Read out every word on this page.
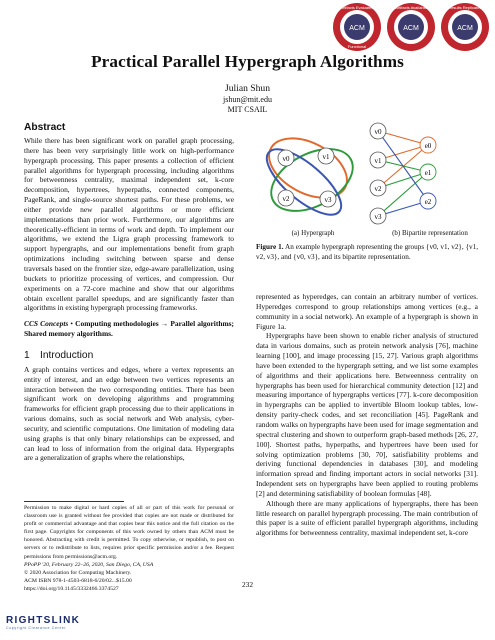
ACM
Artifacts Evaluated
Functional
ACM
Artifacts Available
ACM
Results Replicated
Practical Parallel Hypergraph Algorithms
Julian Shun
jshun@mit.edu
MIT CSAIL
Abstract

While there has been significant work on parallel graph processing, there has been very surprisingly little work on high-performance hypergraph processing. This paper presents a collection of efficient parallel algorithms for hypergraph processing, including algorithms for betweenness centrality, maximal independent set, k-core decomposition, hypertrees, hyperpaths, connected components, PageRank, and single-source shortest paths. For these problems, we either provide new parallel algorithms or more efficient implementations than prior work. Furthermore, our algorithms are theoretically-efficient in terms of work and depth. To implement our algorithms, we extend the Ligra graph processing framework to support hypergraphs, and our implementations benefit from graph optimizations including switching between sparse and dense traversals based on the frontier size, edge-aware parallelization, using buckets to prioritize processing of vertices, and compression. Our experiments on a 72-core machine and show that our algorithms obtain excellent parallel speedups, and are significantly faster than algorithms in existing hypergraph processing frameworks.

CCS Concepts • Computing methodologies → Parallel algorithms; Shared memory algorithms.

1 Introduction

A graph contains vertices and edges, where a vertex represents an entity of interest, and an edge between two vertices represents an interaction between the two corresponding entities. There has been significant work on developing algorithms and programming frameworks for efficient graph processing due to their applications in various domains, such as social network and Web analysis, cyber-security, and scientific computations. One limitation of modeling data using graphs is that only binary relationships can be expressed, and can lead to loss of information from the original data. Hypergraphs are a generalization of graphs where the relationships,

Permission to make digital or hard copies of all or part of this work for personal or classroom use is granted without fee provided that copies are not made or distributed for profit or commercial advantage and that copies bear this notice and the full citation on the first page. Copyrights for components of this work owned by others than ACM must be honored. Abstracting with credit is permitted. To copy otherwise, or republish, to post on servers or to redistribute to lists, requires prior specific permission and/or a fee. Request permissions from permissions@acm.org.
PPoPP '20, February 22–26, 2020, San Diego, CA, USA
© 2020 Association for Computing Machinery.
ACM ISBN 978-1-4503-6818-6/20/02...$15.00
https://doi.org/10.1145/3332466.3374527
v0	v1
v2	v3
v0
v1
v2
v3
e0
e1
e2
(a) Hypergraph	(b) Bipartite representation

Figure 1. An example hypergraph representing the groups {v0, v1, v2}, {v1, v2, v3}, and {v0, v3}, and its bipartite representation.

represented as hyperedges, can contain an arbitrary number of vertices. Hyperedges correspond to group relationships among vertices (e.g., a community in a social network). An example of a hypergraph is shown in Figure 1a.

Hypergraphs have been shown to enable richer analysis of structured data in various domains, such as protein network analysis [76], machine learning [100], and image processing [15, 27]. Various graph algorithms have been extended to the hypergraph setting, and we list some examples of algorithms and their applications here. Betweenness centrality on hypergraphs has been used for hierarchical community detection [12] and measuring importance of hypergraphs vertices [77]. k-core decomposition in hypergraphs can be applied to invertible Bloom lookup tables, low-density parity-check codes, and set reconciliation [45]. PageRank and random walks on hypergraphs have been used for image segmentation and spectral clustering and shown to outperform graph-based methods [26, 27, 100]. Shortest paths, hyperpaths, and hypertrees have been used for solving optimization problems [30, 70], satisfiability problems and deriving functional dependencies in databases [30], and modeling information spread and finding important actors in social networks [31]. Independent sets on hypergraphs have been applied to routing problems [2] and determining satisfiability of boolean formulas [48].

Although there are many applications of hypergraphs, there has been little research on parallel hypergraph processing. The main contribution of this paper is a suite of efficient parallel hypergraph algorithms, including algorithms for betweenness centrality, maximal independent set, k-core

232
RIGHTSLINK
Copyright Clearance Center
